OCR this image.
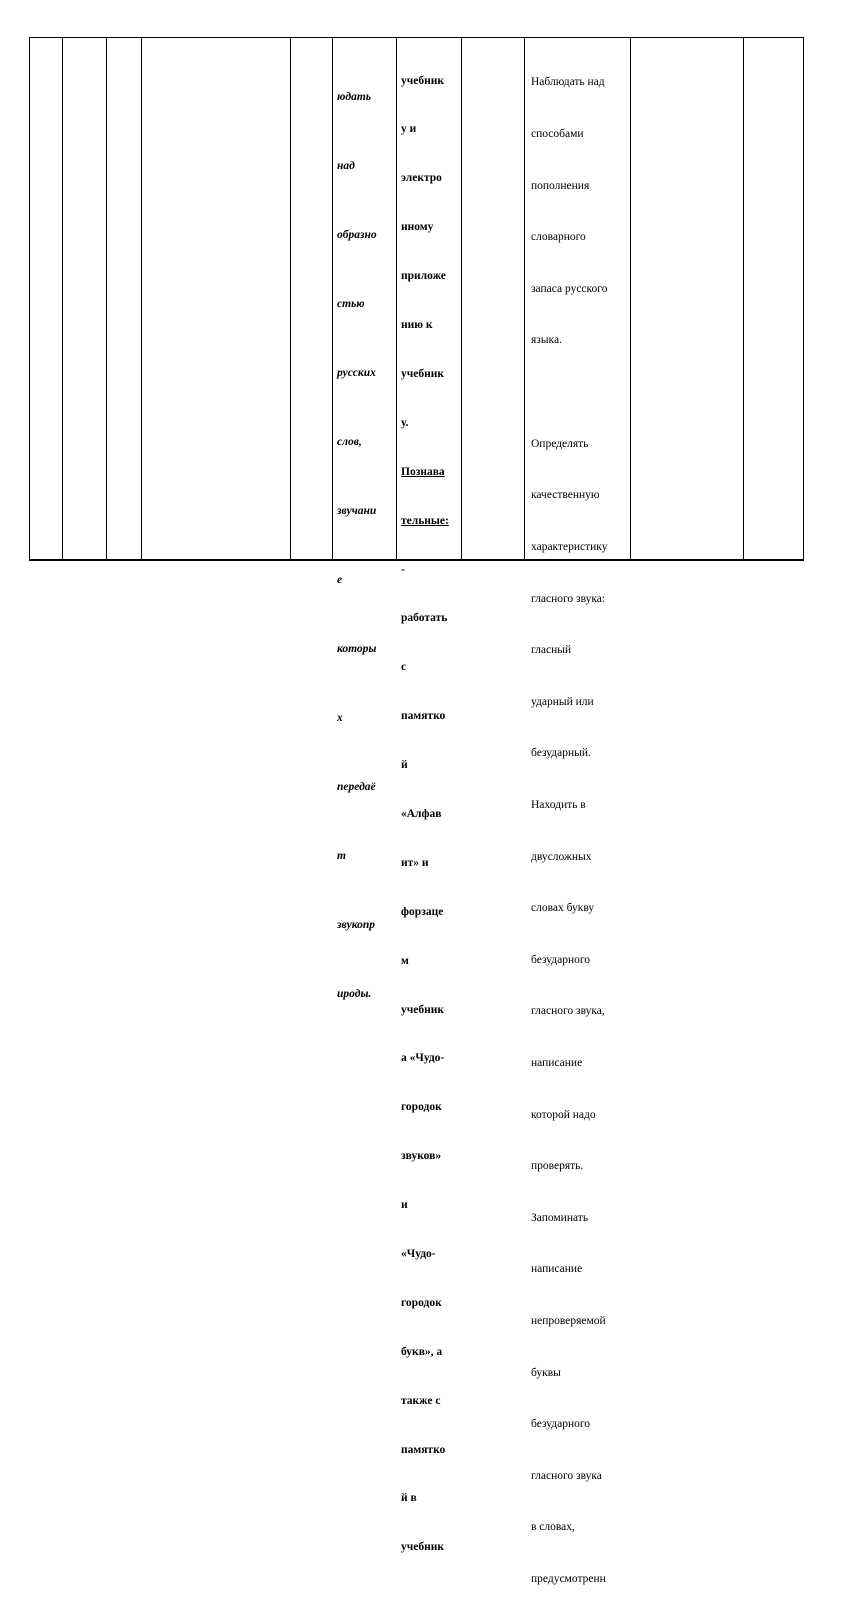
юдать

над

образно

стью

русских

слов,

звучани

е

которы

х

передаё

т

звукопр

ироды.

учебник

у и

электро

нному

приложе

нию к

учебник

у.

Познава

тельные:

-

работать

с

памятко

й

«Алфав

ит» и

форзаце

м

учебник

а «Чудо-

городок

звуков»

и

«Чудо-

городок

букв», а

также с

памятко

й в

учебник

Наблюдать над

способами

пополнения

словарного

запаса русского

языка.

Определять

качественную

характеристику

гласного звука:

гласный

ударный или

безударный.

Находить в

двусложных

словах букву

безударного

гласного звука,

написание

которой надо

проверять.

Запоминать

написание

непроверяемой

буквы

безударного

гласного звука

в словах,

предусмотренн
